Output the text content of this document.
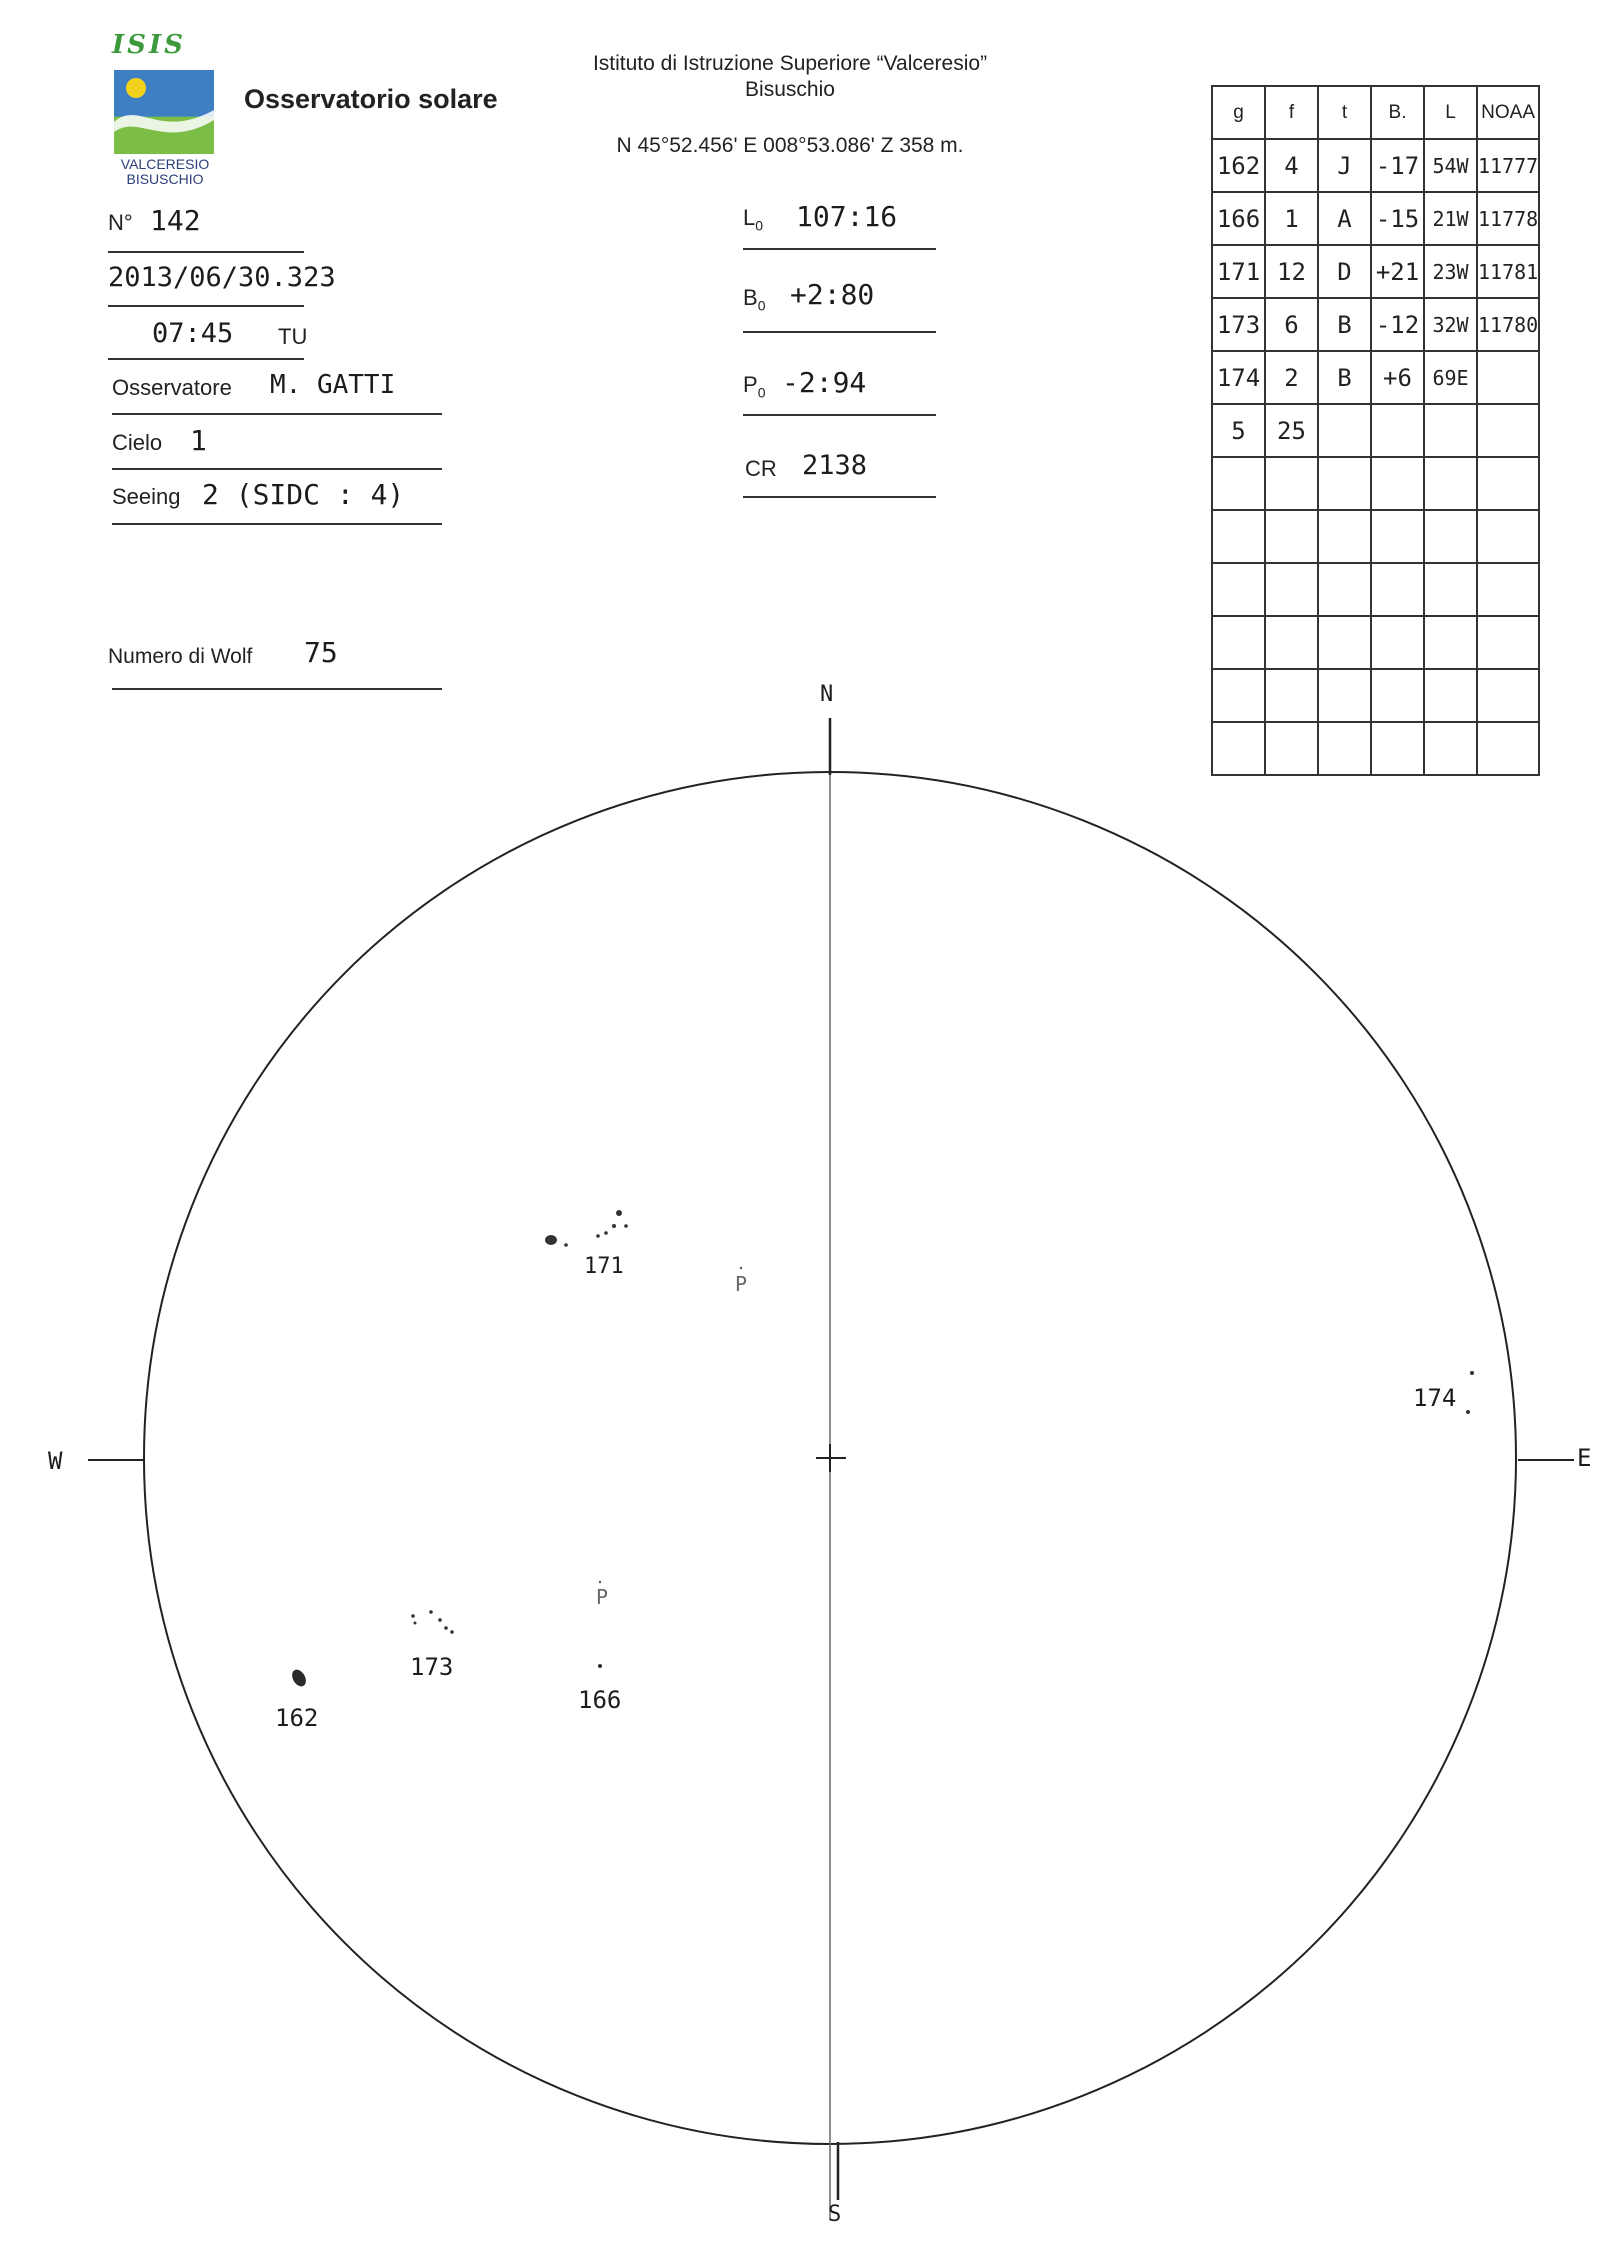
ISIS
VALCERESIO
BISUSCHIO
Osservatorio solare
Istituto di Istruzione Superiore “Valceresio”
Bisuschio
N 45°52.456' E 008°53.086' Z 358 m.
N° 142
2013/06/30.323
07:45 TU
Osservatore M. GATTI
Cielo 1
Seeing 2 (SIDC : 4)
Numero di Wolf 75
$L_0$ 107:16
$B_0$ +2:80
$P_0$ -2:94
CR 2138
g	f	t	B.	L	NOAA
162	4	J	-17	54W	11777
166	1	A	-15	21W	11778
171	12	D	+21	23W	11781
173	6	B	-12	32W	11780
174	2	B	+6	69E	
5	25				

N
S
W	E
171
P
174
P
173
162
166
